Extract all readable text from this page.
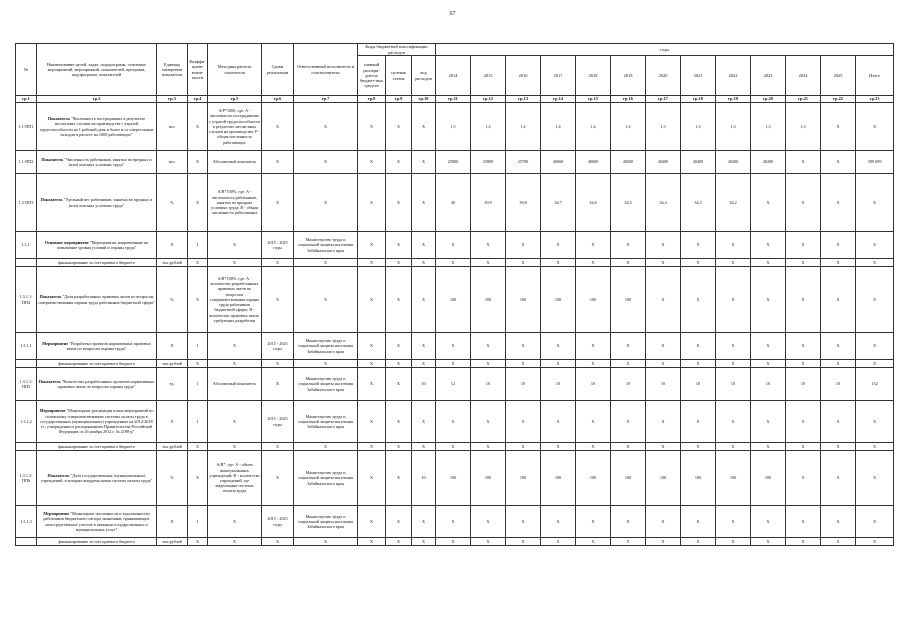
67
№	Наименование целей, задач, подпрограмм, основных мероприятий, мероприятий, показателей, программ, подпрограмм, показателей	Единица измерения показателя	Коэффи-циент значи-мости	Методика расчета показателя	Сроки реализации	Ответственный исполнитель и соисполнители	Коды бюджетной классификации расходов			годы												
							главный распоря-дитель бюджет-ных средств	целевая статья	код расходов	2014	2015	2016	2017	2018	2019	2020	2021	2022	2023	2024	2025	Итого
гр.1	гр.2	гр.3	гр.4	гр.5	гр.6	гр.7	гр.8	гр.9	гр.10	гр.11	гр.12	гр.13	гр.14	гр.15	гр.16	гр.17	гр.18	гр.19	гр.20	гр.21	гр.22	гр.23
1.1-ПП1	Показатель "Численность пострадавших в результате несчастных случаев на производстве с утратой трудоспособности на 1 рабочий день и более и со смертельным исходом в расчете на 1000 работающих"	чел.	X	А/Р*1000, где: А - численность пострадавших с утратой трудоспособности в результате несчастных случаев на производстве; Р - общая численность работающих	X	X	X	X	X	1,5	1,4	1,4	1,4	1,4	1,4	1,3	1,3	1,3	1,3	1,3	X	X
1.1-ПП2	Показатель "Численность работников, занятых во вредных и (или) опасных условиях труда"	чел.	X	Абсолютный показатель	X	X	X	X	X	25800	25800	25700	40668	40600	40500	40400	40400	40300	40200	X	X	399 699
1.2-ПП3	Показатель "Удельный вес работников, занятых во вредных и (или) опасных условиях труда"	%	X	А/В*100%, где: А - численность работников, занятых во вредных условиях труда; В - общая численность работающих	X	X	X	X	X	40	39,9	39,8	34,7	34,6	34,5	34,4	34,3	34,2	X	X	X	X
1.3.1.	Основное мероприятие "Мероприятия, направленные на повышение уровня условий и охраны труда"	X	1	X	2015 - 2025 годы	Министерство труда и социальной защиты населения Забайкальского края	X	X	X	X	X	X	X	X	X	X	X	X	X	X	X	X
	финансирование за счет краевого бюджета	тыс.рублей	X	X	X	X	X	X	X	X	X	X	X	X	X	X	X	X	X	X	X	X
1.3.1.1-ПП4	Показатель "Доля разработанных правовых актов по вопросам совершенствования охраны труда работников бюджетной сферы"	%	X	А/В*100%, где: А - количество разработанных правовых актов по вопросам совершенствования охраны труда работников бюджетной сферы; В - количество правовых актов, требующих разработки	X	X	X	X	X	100	100	100	100	100	100	X	X	X	X	X	X	X
1.3.1.1	Мероприятие "Разработка проектов нормативных правовых актов по вопросам охраны труда"	X	1	X	2015 - 2025 годы	Министерство труда и социальной защиты населения Забайкальского края	X	X	X	X	X	X	X	X	X	X	X	X	X	X	X	X
	финансирование за счет краевого бюджета	тыс.рублей	X	X	X	X	X	X	X	X	X	X	X	X	X	X	X	X	X	X	X	X
1.3.1.1-ПП5	Показатель "Количество разработанных проектов нормативных правовых актов по вопросам охраны труда"	ед.	1	Абсолютный показатель	X	Министерство труда и социальной защиты населения Забайкальского края	X	X	10	12	10	10	10	10	10	10	10	10	10	10	10	132
1.3.1.2	Мероприятие "Мониторинг реализации плана мероприятий по поэтапному совершенствованию системы оплаты труда в государственных (муниципальных) учреждениях на 2012-2018 гг., утвержденного распоряжением Правительства Российской Федерации от 26 ноября 2012 г. № 2190-р"	X	1	X	2015 - 2025 годы	Министерство труда и социальной защиты населения Забайкальского края	X	X	X	X	X	X	X	X	X	X	X	X	X	X	X	X
	финансирование за счет краевого бюджета	тыс.рублей	X	X	X	X	X	X	X	X	X	X	X	X	X	X	X	X	X	X	X	X
1.3.1.2-ПП6	Показатель "Доля государственных (муниципальных) учреждений, в которых внедрена новая система оплаты труда"	%	X	А/В*, где: А - объем вышеуказанных учреждений; В - количество учреждений, где выделенные системы оплаты труда	X	Министерство труда и социальной защиты населения Забайкальского края	X	X	10	100	100	100	100	100	100	100	100	100	100	X	X	X
1.3.1.3	Мероприятие "Мониторинг численности и задолженности работников бюджетного сектора экономики, принимающих непосредственное участие в оказании государственных и муниципальных услуг"	X	1	X	2015 - 2025 годы	Министерство труда и социальной защиты населения Забайкальского края	X	X	X	X	X	X	X	X	X	X	X	X	X	X	X	X
	финансирование за счет краевого бюджета	тыс.рублей	X	X	X	X	X	X	X	X	X	X	X	X	X	X	X	X	X	X	X	X
